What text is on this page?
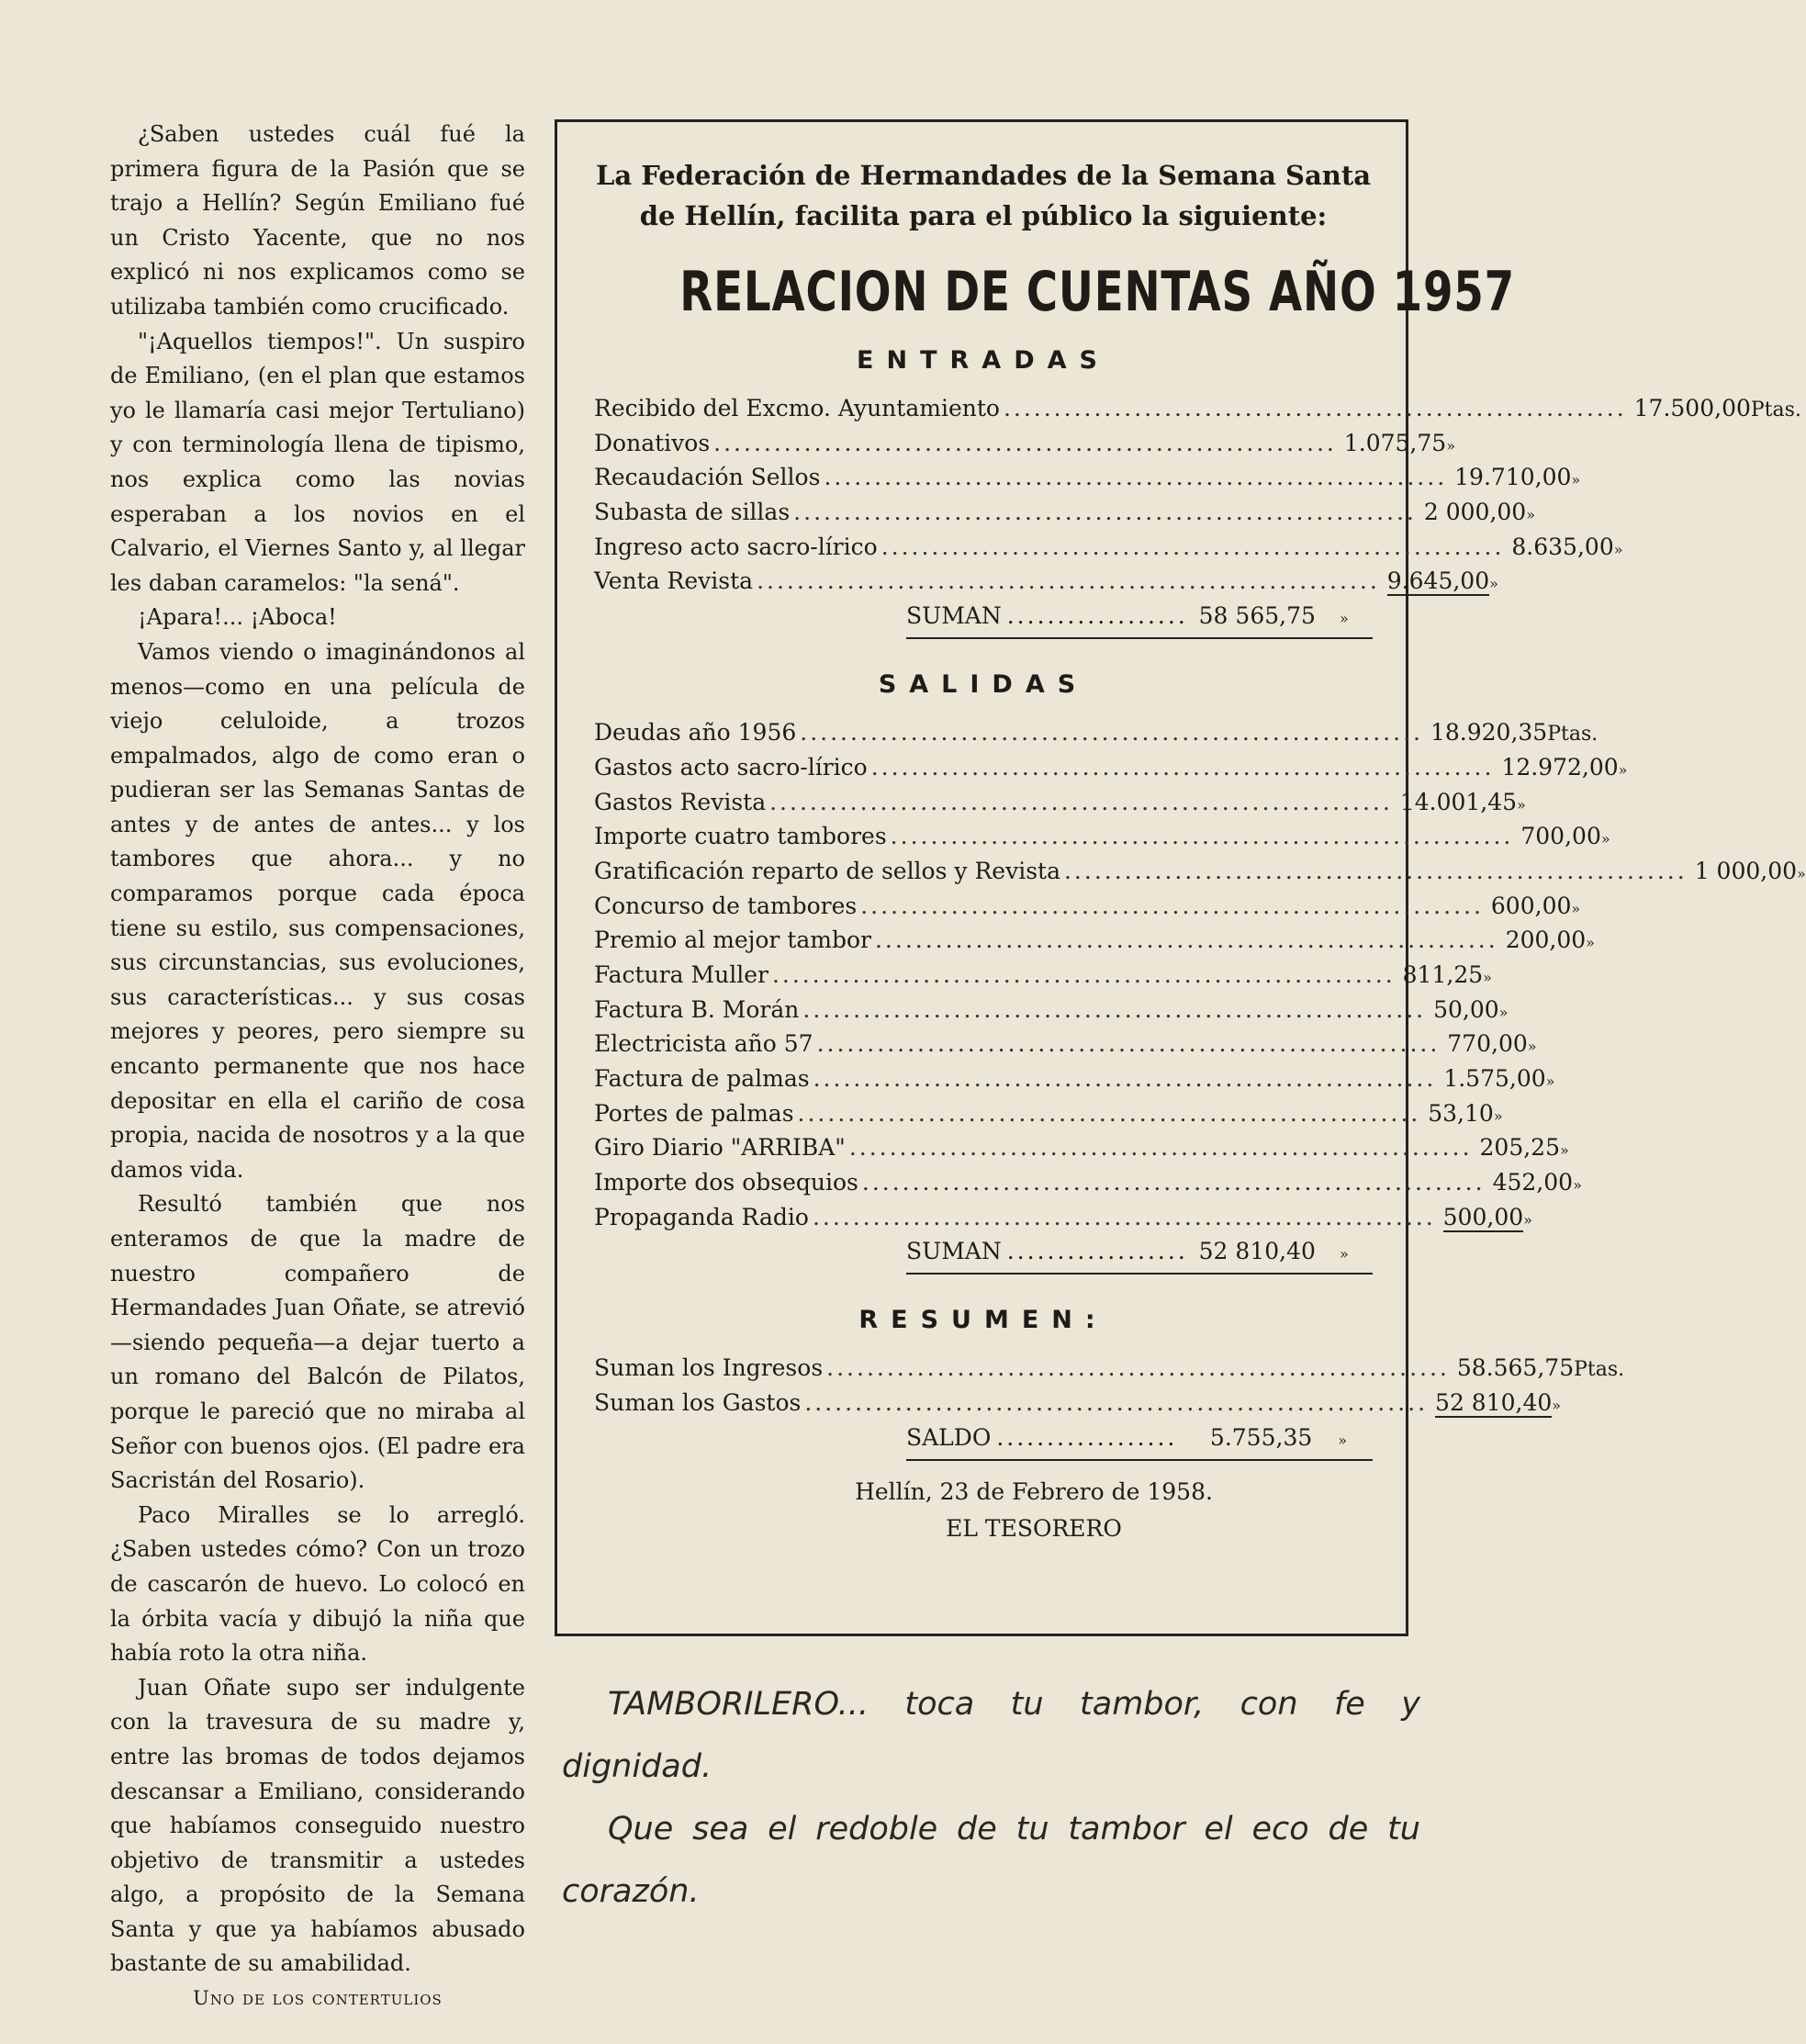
¿Saben ustedes cuál fué la primera figura de la Pasión que se trajo a Hellín? Según Emiliano fué un Cristo Yacente, que no nos explicó ni nos explicamos como se utilizaba también como crucificado.

"¡Aquellos tiempos!". Un suspiro de Emiliano, (en el plan que estamos yo le llamaría casi mejor Tertuliano) y con terminología llena de tipismo, nos explica como las novias esperaban a los novios en el Calvario, el Viernes Santo y, al llegar les daban caramelos: "la sená".

¡Apara!... ¡Aboca!

Vamos viendo o imaginándonos al menos—como en una película de viejo celuloide, a trozos empalmados, algo de como eran o pudieran ser las Semanas Santas de antes y de antes de antes... y los tambores que ahora... y no comparamos porque cada época tiene su estilo, sus compensaciones, sus circunstancias, sus evoluciones, sus características... y sus cosas mejores y peores, pero siempre su encanto permanente que nos hace depositar en ella el cariño de cosa propia, nacida de nosotros y a la que damos vida.

Resultó también que nos enteramos de que la madre de nuestro compañero de Hermandades Juan Oñate, se atrevió—siendo pequeña—a dejar tuerto a un romano del Balcón de Pilatos, porque le pareció que no miraba al Señor con buenos ojos. (El padre era Sacristán del Rosario).

Paco Miralles se lo arregló. ¿Saben ustedes cómo? Con un trozo de cascarón de huevo. Lo colocó en la órbita vacía y dibujó la niña que había roto la otra niña.

Juan Oñate supo ser indulgente con la travesura de su madre y, entre las bromas de todos dejamos descansar a Emiliano, considerando que habíamos conseguido nuestro objetivo de transmitir a ustedes algo, a propósito de la Semana Santa y que ya habíamos abusado bastante de su amabilidad.

Uno de los contertulios

La Federación de Hermandades de la Semana Santa

de Hellín, facilita para el público la siguiente:

RELACION DE CUENTAS AÑO 1957

ENTRADAS

Recibido del Excmo. Ayuntamiento .............................................................. 17.500,00 Ptas.
Donativos .............................................................. 1.075,75 »
Recaudación Sellos .............................................................. 19.710,00 »
Subasta de sillas .............................................................. 2 000,00 »
Ingreso acto sacro-lírico .............................................................. 8.635,00 »
Venta Revista .............................................................. 9.645,00 »
SUMAN .................. 58 565,75	»

SALIDAS

Deudas año 1956 .............................................................. 18.920,35 Ptas.
Gastos acto sacro-lírico .............................................................. 12.972,00 »
Gastos Revista .............................................................. 14.001,45 »
Importe cuatro tambores .............................................................. 700,00 »
Gratificación reparto de sellos y Revista .............................................................. 1 000,00 »
Concurso de tambores .............................................................. 600,00 »
Premio al mejor tambor .............................................................. 200,00 »
Factura Muller .............................................................. 811,25 »
Factura B. Morán .............................................................. 50,00 »
Electricista año 57 .............................................................. 770,00 »
Factura de palmas .............................................................. 1.575,00 »
Portes de palmas .............................................................. 53,10 »
Giro Diario "ARRIBA" .............................................................. 205,25 »
Importe dos obsequios .............................................................. 452,00 »
Propaganda Radio .............................................................. 500,00 »
SUMAN .................. 52 810,40	»

RESUMEN:

Suman los Ingresos .............................................................. 58.565,75 Ptas.
Suman los Gastos .............................................................. 52 810,40 »
SALDO ..................	5.755,35	»
Hellín, 23 de Febrero de 1958.
EL TESORERO

TAMBORILERO... toca tu tambor, con fe y dignidad.

Que sea el redoble de tu tambor el eco de tu corazón.
